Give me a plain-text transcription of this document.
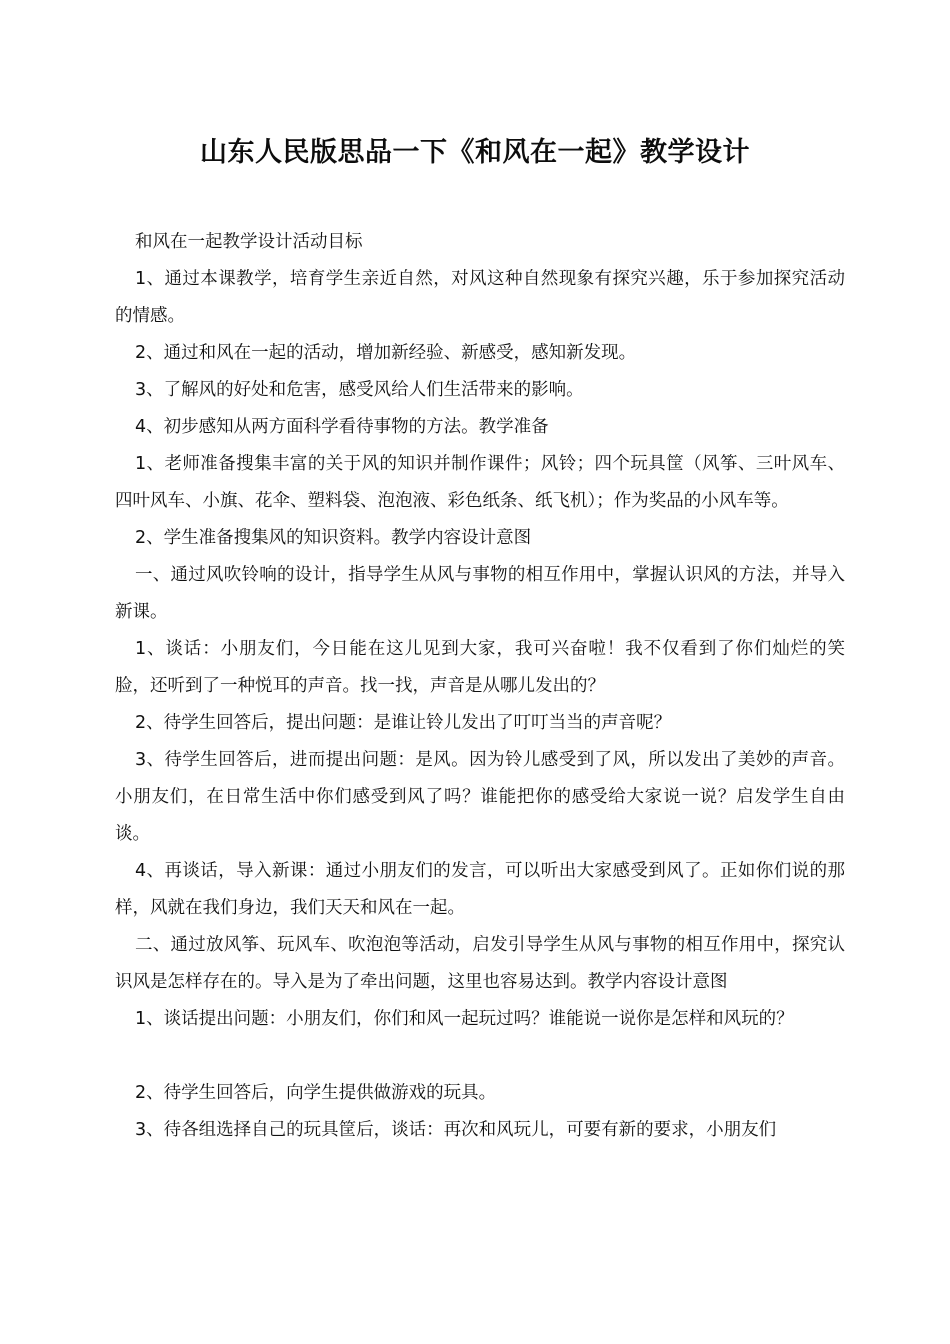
山东人民版思品一下《和风在一起》教学设计

和风在一起教学设计活动目标

1、通过本课教学，培育学生亲近自然，对风这种自然现象有探究兴趣，乐于参加探究活动的情感。

2、通过和风在一起的活动，增加新经验、新感受，感知新发现。

3、了解风的好处和危害，感受风给人们生活带来的影响。

4、初步感知从两方面科学看待事物的方法。教学准备

1、老师准备搜集丰富的关于风的知识并制作课件；风铃；四个玩具筐（风筝、三叶风车、四叶风车、小旗、花伞、塑料袋、泡泡液、彩色纸条、纸飞机）；作为奖品的小风车等。

2、学生准备搜集风的知识资料。教学内容设计意图

一、通过风吹铃响的设计，指导学生从风与事物的相互作用中，掌握认识风的方法，并导入新课。

1、谈话：小朋友们，今日能在这儿见到大家，我可兴奋啦！我不仅看到了你们灿烂的笑脸，还听到了一种悦耳的声音。找一找，声音是从哪儿发出的？

2、待学生回答后，提出问题：是谁让铃儿发出了叮叮当当的声音呢？

3、待学生回答后，进而提出问题：是风。因为铃儿感受到了风，所以发出了美妙的声音。小朋友们，在日常生活中你们感受到风了吗？谁能把你的感受给大家说一说？启发学生自由谈。

4、再谈话，导入新课：通过小朋友们的发言，可以听出大家感受到风了。正如你们说的那样，风就在我们身边，我们天天和风在一起。

二、通过放风筝、玩风车、吹泡泡等活动，启发引导学生从风与事物的相互作用中，探究认识风是怎样存在的。导入是为了牵出问题，这里也容易达到。教学内容设计意图

1、谈话提出问题：小朋友们，你们和风一起玩过吗？谁能说一说你是怎样和风玩的？

2、待学生回答后，向学生提供做游戏的玩具。

3、待各组选择自己的玩具筐后，谈话：再次和风玩儿，可要有新的要求，小朋友们
